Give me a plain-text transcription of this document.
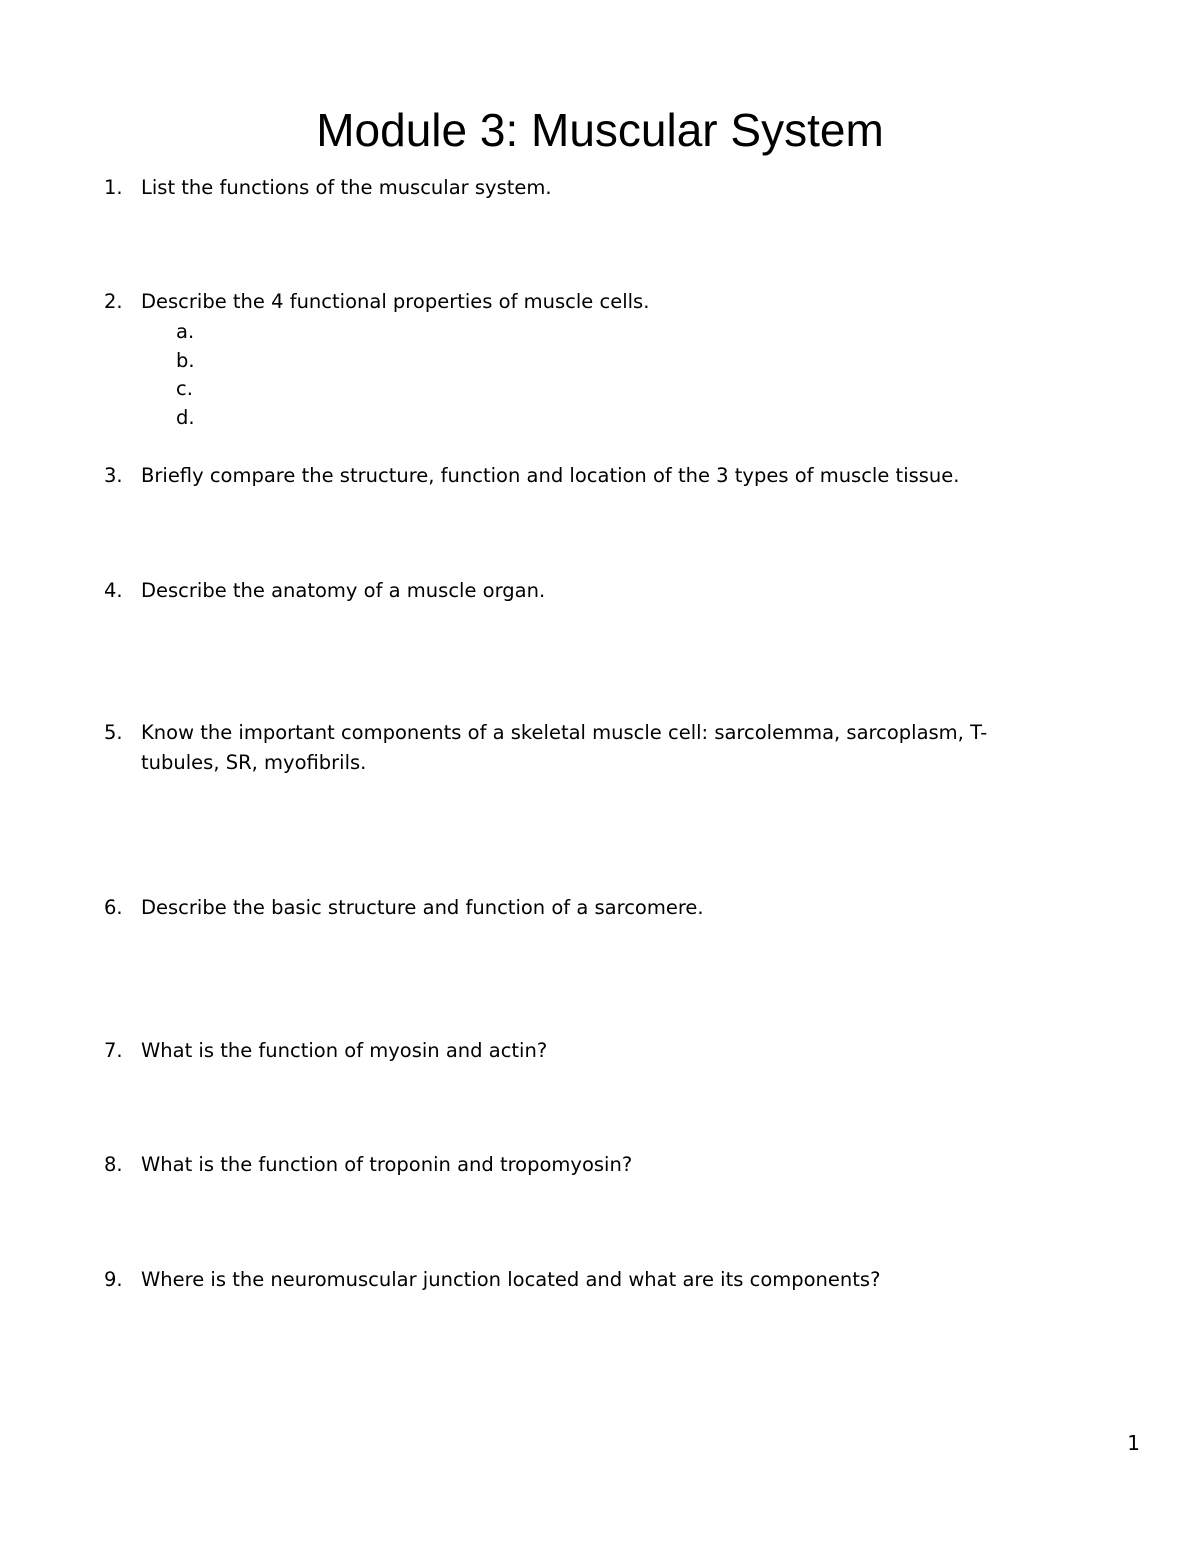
Module 3: Muscular System
1. List the functions of the muscular system.
2. Describe the 4 functional properties of muscle cells.
a.
b.
c.
d.
3. Briefly compare the structure, function and location of the 3 types of muscle tissue.
4. Describe the anatomy of a muscle organ.
5. Know the important components of a skeletal muscle cell: sarcolemma, sarcoplasm, T-tubules, SR, myofibrils.
6. Describe the basic structure and function of a sarcomere.
7. What is the function of myosin and actin?
8. What is the function of troponin and tropomyosin?
9. Where is the neuromuscular junction located and what are its components?
1
